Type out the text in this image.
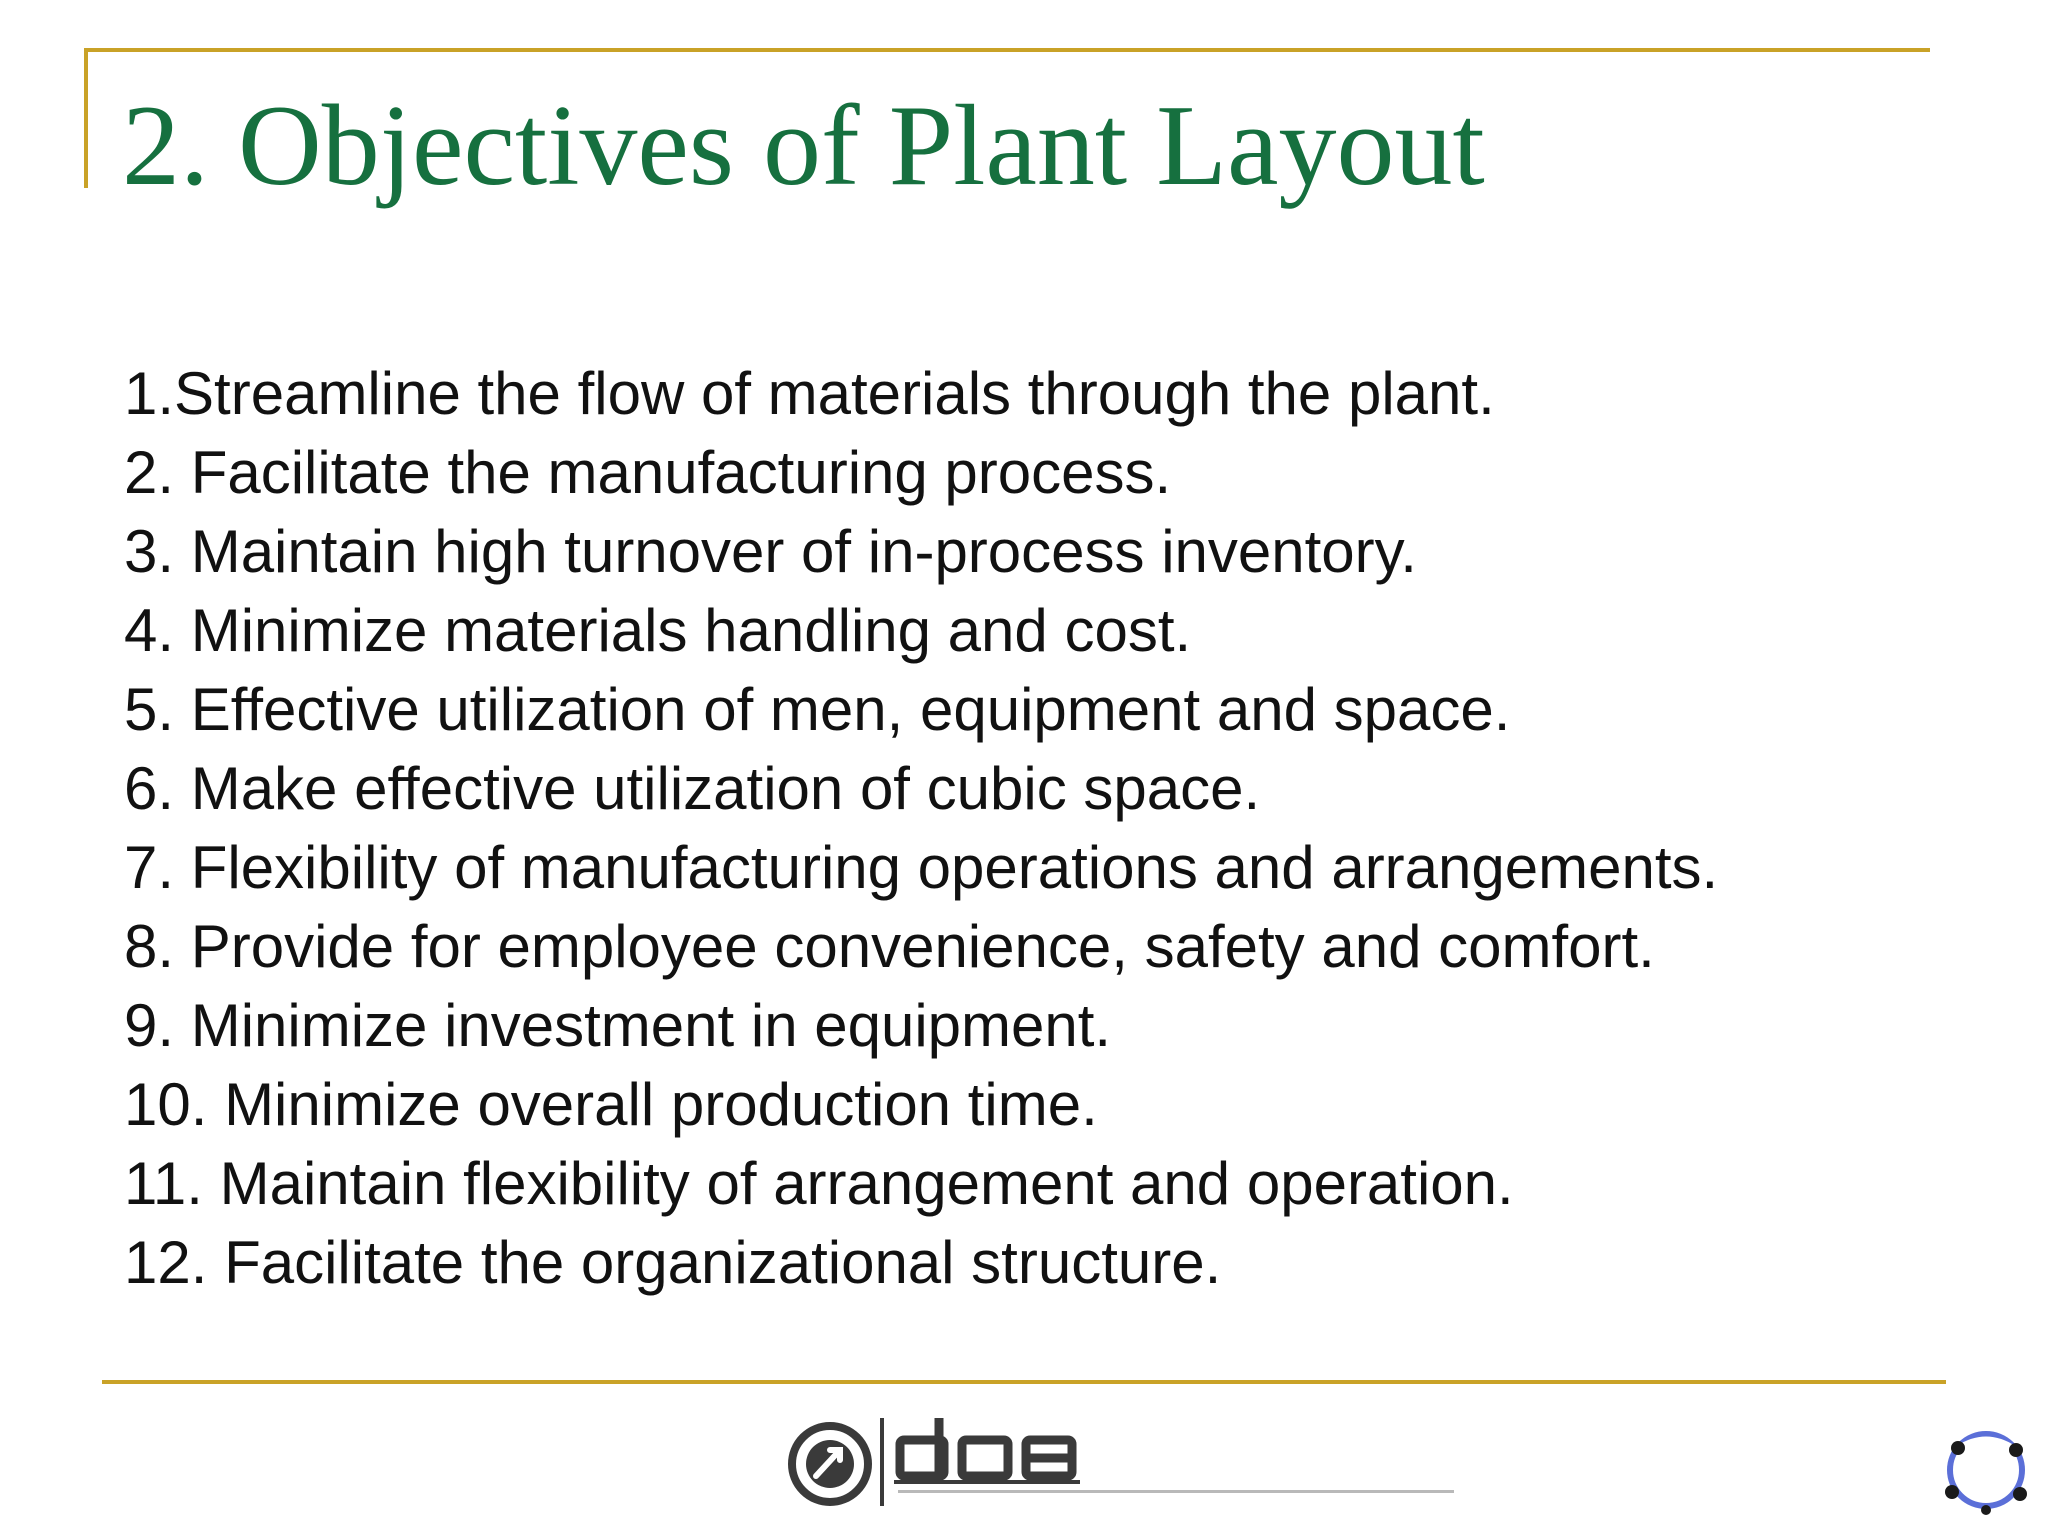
2. Objectives of Plant Layout
1.Streamline the flow of materials through the plant.
2. Facilitate the manufacturing process.
3. Maintain high turnover of in-process inventory.
4. Minimize materials handling and cost.
5. Effective utilization of men, equipment and space.
6. Make effective utilization of cubic space.
7. Flexibility of manufacturing operations and arrangements.
8. Provide for employee convenience, safety and comfort.
9. Minimize investment in equipment.
10. Minimize overall production time.
11. Maintain flexibility of arrangement and operation.
12. Facilitate the organizational structure.
